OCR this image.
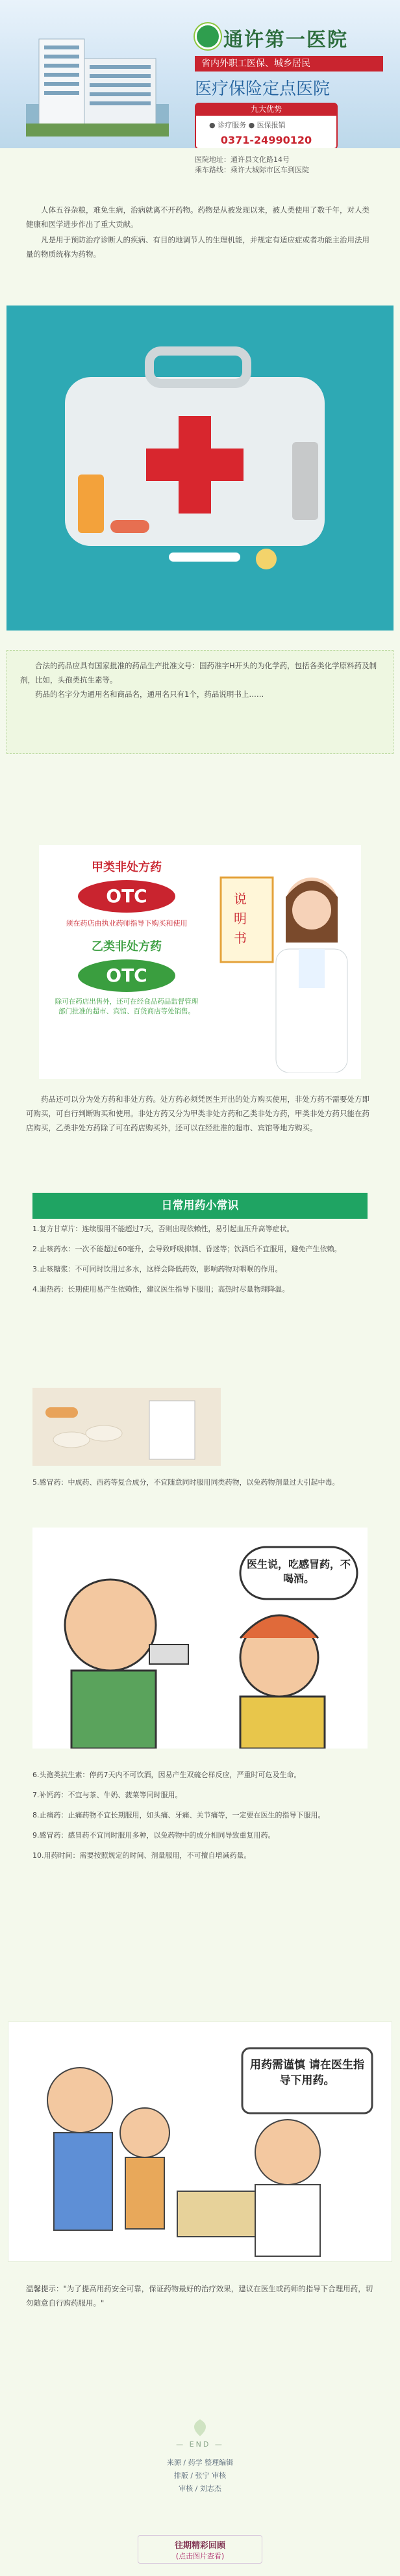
通许第一医院
省内外职工医保、城乡居民
医疗保险定点医院
九大优势
● 诊疗服务 ● 医保报销
0371-24990120
医院地址：通许县文化路14号
乘车路线：乘许大城际市区车到医院

人体五谷杂粮，难免生病，治病就离不开药物。药物是从被发现以来，被人类使用了数千年，对人类健康和医学进步作出了重大贡献。

凡是用于预防治疗诊断人的疾病、有目的地调节人的生理机能，并规定有适应症或者功能主治用法用量的物质统称为药物。

合法的药品应具有国家批准的药品生产批准文号：国药准字H开头的为化学药，包括各类化学原料药及制剂，比如，头孢类抗生素等。
药品的名字分为通用名和商品名，通用名只有1个，药品说明书上……
甲类非处方药
OTC
须在药店由执业药师指导下购买和使用
乙类非处方药
OTC
除可在药店出售外，还可在经食品药品监督管理部门批准的超市、宾馆、百货商店等处销售。
说
明
书
药品还可以分为处方药和非处方药。处方药必须凭医生开出的处方购买使用，非处方药不需要处方即可购买，可自行判断购买和使用。非处方药又分为甲类非处方药和乙类非处方药，甲类非处方药只能在药店购买，乙类非处方药除了可在药店购买外，还可以在经批准的超市、宾馆等地方购买。
日常用药小常识

1.复方甘草片：连续服用不能超过7天，否则出现依赖性，易引起血压升高等症状。

2.止咳药水：一次不能超过60毫升，会导致呼吸抑制、昏迷等；饮酒后不宜服用，避免产生依赖。

3.止咳糖浆：不可同时饮用过多水，这样会降低药效，影响药物对咽喉的作用。

4.退热药：长期使用易产生依赖性，建议医生指导下服用；高热时尽量物理降温。

5.感冒药：中成药、西药等复合成分，不宜随意同时服用同类药物，以免药物剂量过大引起中毒。

医生说，吃感冒药，不喝酒。

6.头孢类抗生素：停药7天内不可饮酒，因易产生双硫仑样反应，严重时可危及生命。

7.补钙药：不宜与茶、牛奶、菠菜等同时服用。

8.止痛药：止痛药物不宜长期服用，如头痛、牙痛、关节痛等，一定要在医生的指导下服用。

9.感冒药：感冒药不宜同时服用多种，以免药物中的成分相同导致重复用药。

10.用药时间：需要按照规定的时间、剂量服用，不可擅自增减药量。

用药需谨慎 请在医生指导下用药。
温馨提示："为了提高用药安全可靠，保证药物最好的治疗效果，建议在医生或药师的指导下合理用药，切勿随意自行购药服用。"
— END —
来源 / 药学 整理编辑
排版 / 张宁 审核
审核 / 刘志杰
往期精彩回顾
(点击图片查看)
